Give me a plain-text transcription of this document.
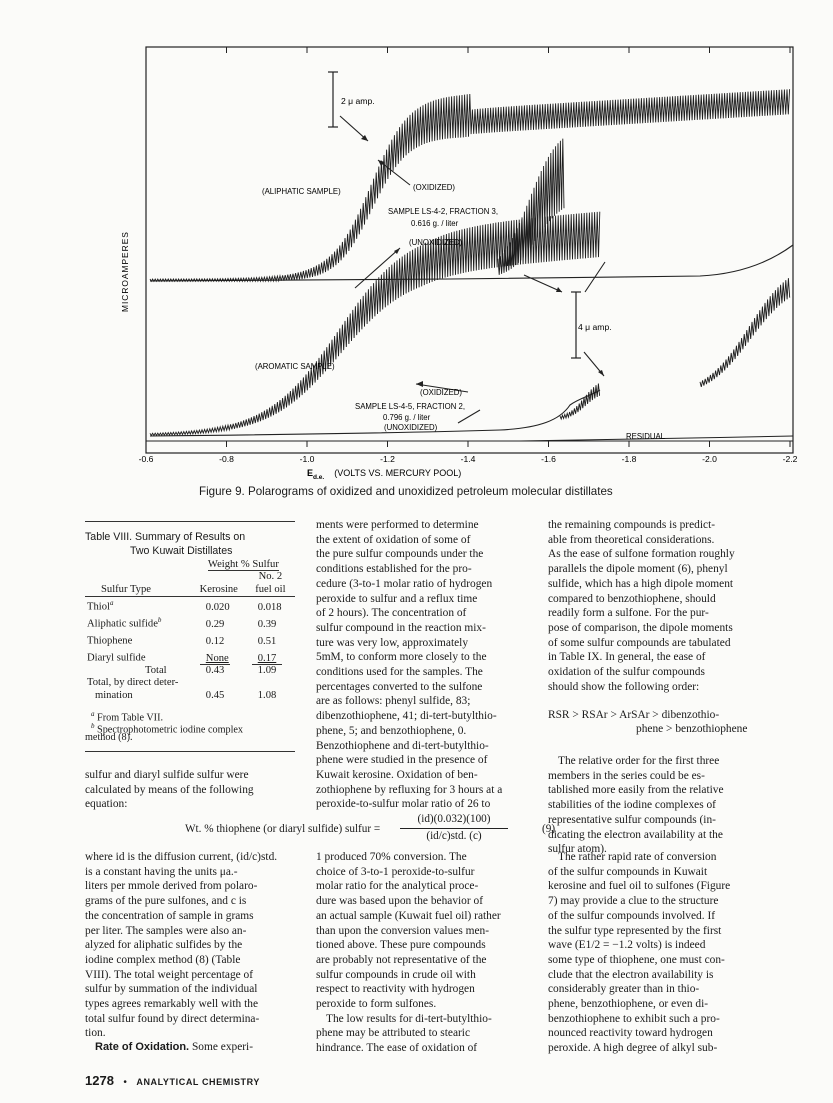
2 μ amp.
(ALIPHATIC SAMPLE)	(OXIDIZED)
SAMPLE LS-4-2, FRACTION 3,
0.616 g. / liter
(UNOXIDIZED)
4 μ amp.
(AROMATIC SAMPLE)
(OXIDIZED)
SAMPLE LS-4-5, FRACTION 2,
0.796 g. / liter
(UNOXIDIZED)
RESIDUAL
MICROAMPERES
-0.6	-0.8	-1.0	-1.2	-1.4	-1.6	-1.8	-2.0	-2.2
$E_{d.e.}$ (VOLTS VS. MERCURY POOL)
Figure 9. Polarograms of oxidized and unoxidized petroleum molecular distillates
Table VIII. Summary of Results on
Two Kuwait Distillates
	Weight % Sulfur	
		No. 2
Sulfur Type	Kerosine	fuel oil
Thiol$^a$	0.020	0.018
Aliphatic sulfide$^b$	0.29	0.39
Thiophene	0.12	0.51
Diaryl sulfide	None	0.17
Total	0.43	1.09
Total, by direct deter-		
mination	0.45	1.08
$^a$ From Table VII.
$^b$ Spectrophotometric iodine complex
method (8).
ments were performed to determine
the extent of oxidation of some of
the pure sulfur compounds under the
conditions established for the pro-
cedure (3-to-1 molar ratio of hydrogen
peroxide to sulfur and a reflux time
of 2 hours). The concentration of
sulfur compound in the reaction mix-
ture was very low, approximately
5mM, to conform more closely to the
conditions used for the samples. The
percentages converted to the sulfone
are as follows: phenyl sulfide, 83;
dibenzothiophene, 41; di-tert-butylthio-
phene, 5; and benzothiophene, 0.
Benzothiophene and di-tert-butylthio-
phene were studied in the presence of
Kuwait kerosine. Oxidation of ben-
zothiophene by refluxing for 3 hours at a
peroxide-to-sulfur molar ratio of 26 to
the remaining compounds is predict-
able from theoretical considerations.
As the ease of sulfone formation roughly
parallels the dipole moment (6), phenyl
sulfide, which has a high dipole moment
compared to benzothiophene, should
readily form a sulfone. For the pur-
pose of comparison, the dipole moments
of some sulfur compounds are tabulated
in Table IX. In general, the ease of
oxidation of the sulfur compounds
should show the following order:
RSR > RSAr > ArSAr > dibenzothio-
phene > benzothiophene
The relative order for the first three
members in the series could be es-
tablished more easily from the relative
stabilities of the iodine complexes of
representative sulfur compounds (in-
dicating the electron availability at the
sulfur atom).
sulfur and diaryl sulfide sulfur were
calculated by means of the following
equation:
Wt. % thiophene (or diaryl sulfide) sulfur =
(id)(0.032)(100)
(id/c)std. (c)
(9)
where id is the diffusion current, (id/c)std.
is a constant having the units μa.-
liters per mmole derived from polaro-
grams of the pure sulfones, and c is
the concentration of sample in grams
per liter. The samples were also an-
alyzed for aliphatic sulfides by the
iodine complex method (8) (Table
VIII). The total weight percentage of
sulfur by summation of the individual
types agrees remarkably well with the
total sulfur found by direct determina-
tion.
Rate of Oxidation. Some experi-
1 produced 70% conversion. The
choice of 3-to-1 peroxide-to-sulfur
molar ratio for the analytical proce-
dure was based upon the behavior of
an actual sample (Kuwait fuel oil) rather
than upon the conversion values men-
tioned above. These pure compounds
are probably not representative of the
sulfur compounds in crude oil with
respect to reactivity with hydrogen
peroxide to form sulfones.
The low results for di-tert-butylthio-
phene may be attributed to stearic
hindrance. The ease of oxidation of
The rather rapid rate of conversion
of the sulfur compounds in Kuwait
kerosine and fuel oil to sulfones (Figure
7) may provide a clue to the structure
of the sulfur compounds involved. If
the sulfur type represented by the first
wave (E1/2 = −1.2 volts) is indeed
some type of thiophene, one must con-
clude that the electron availability is
considerably greater than in thio-
phene, benzothiophene, or even di-
benzothiophene to exhibit such a pro-
nounced reactivity toward hydrogen
peroxide. A high degree of alkyl sub-
1278 • ANALYTICAL CHEMISTRY
